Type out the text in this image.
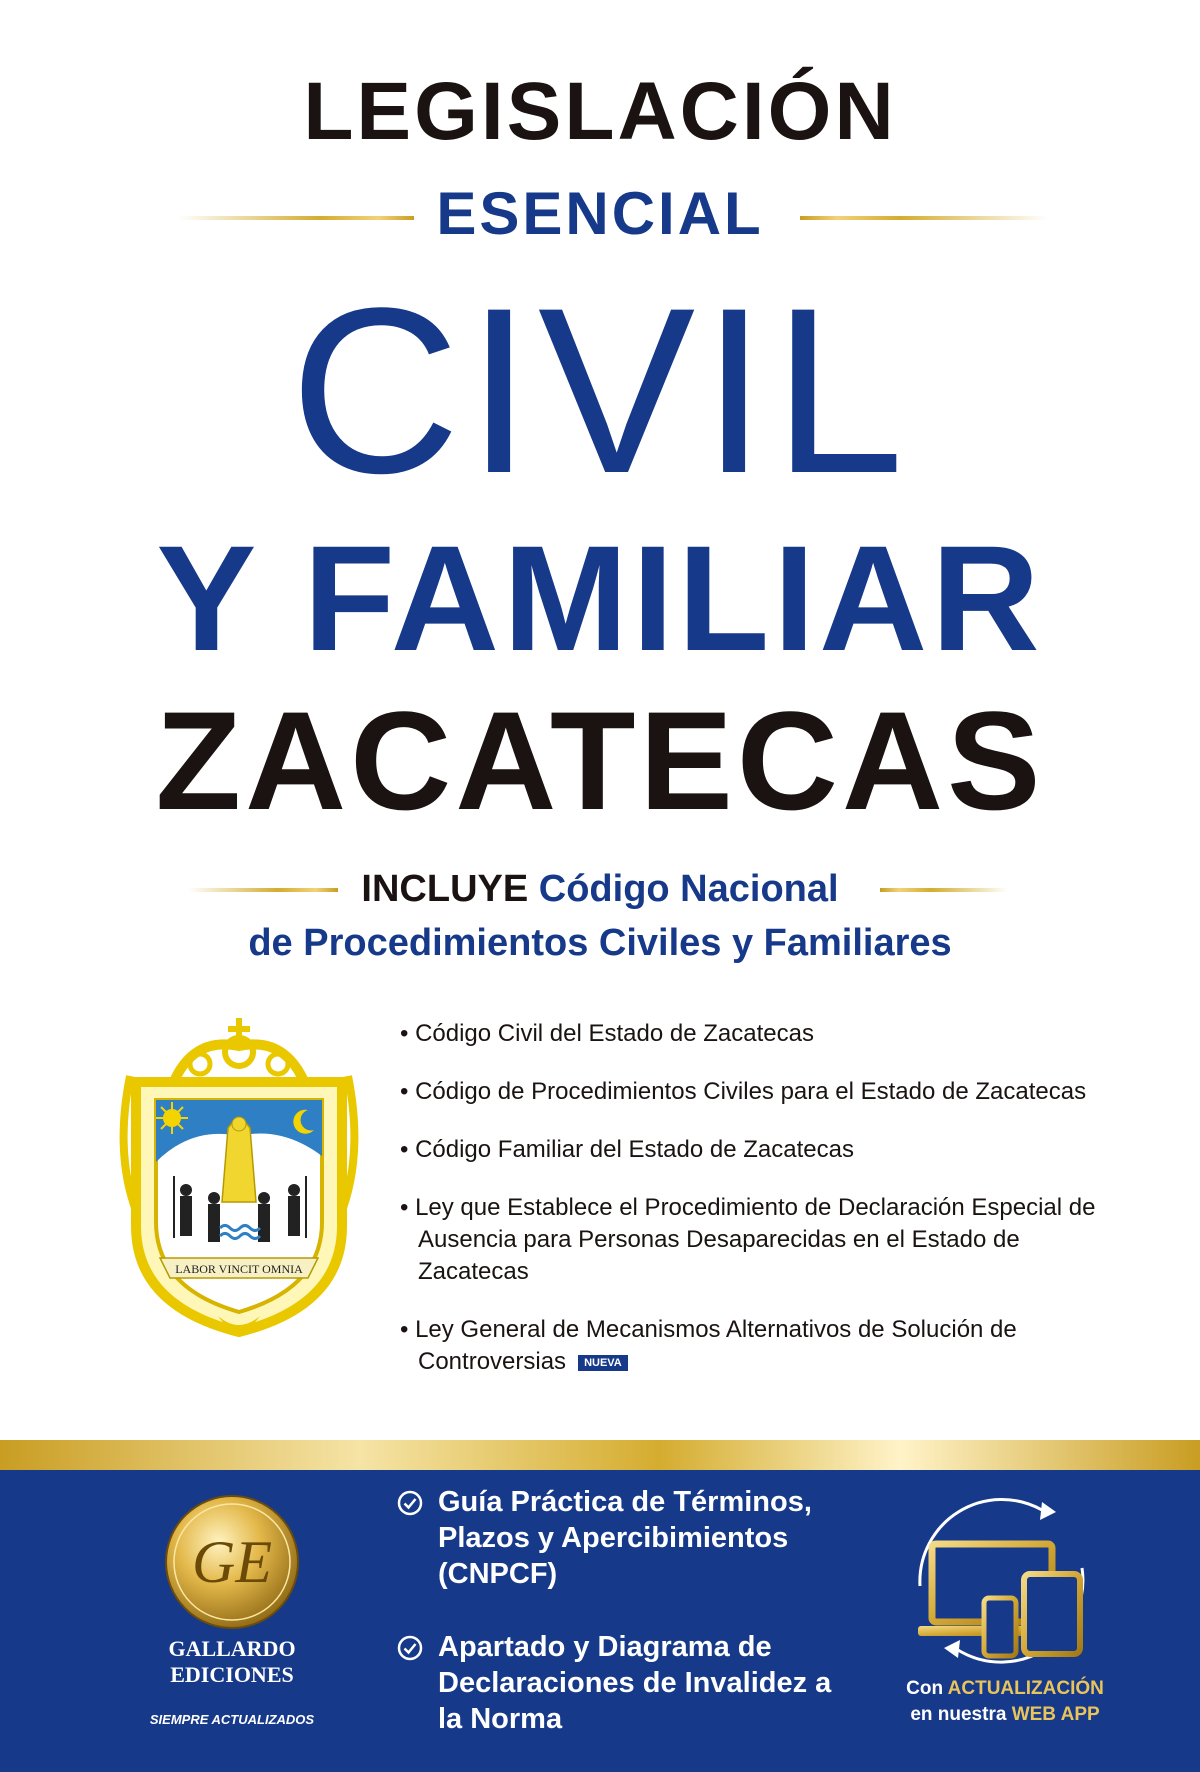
LEGISLACIÓN
ESENCIAL
CIVIL
Y FAMILIAR
ZACATECAS
INCLUYE Código Nacional
de Procedimientos Civiles y Familiares
LABOR VINCIT OMNIA
• Código Civil del Estado de Zacatecas
• Código de Procedimientos Civiles para el Estado de Zacatecas
• Código Familiar del Estado de Zacatecas
• Ley que Establece el Procedimiento de Declaración Especial de Ausencia para Personas Desaparecidas en el Estado de Zacatecas
• Ley General de Mecanismos Alternativos de Solución de Controversias NUEVA
GE
GALLARDO
EDICIONES
SIEMPRE ACTUALIZADOS
Guía Práctica de Términos, Plazos y Apercibimientos (CNPCF)
Apartado y Diagrama de Declaraciones de Invalidez a la Norma
Con ACTUALIZACIÓN
en nuestra WEB APP
